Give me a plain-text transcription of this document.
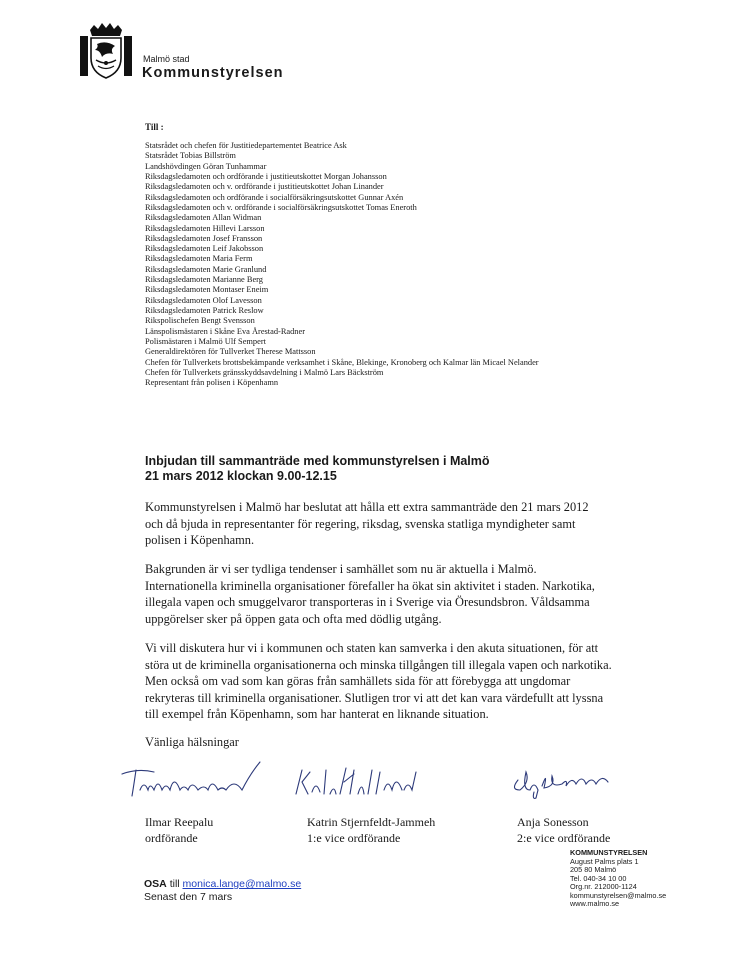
Malmö stad
Kommunstyrelsen
Till :
Statsrådet och chefen för Justitiedepartementet Beatrice Ask
Statsrådet Tobias Billström
Landshövdingen Göran Tunhammar
Riksdagsledamoten och ordförande i justitieutskottet Morgan Johansson
Riksdagsledamoten och v. ordförande i justitieutskottet Johan Linander
Riksdagsledamoten och ordförande i socialförsäkringsutskottet Gunnar Axén
Riksdagsledamoten och v. ordförande i socialförsäkringsutskottet Tomas Eneroth
Riksdagsledamoten Allan Widman
Riksdagsledamoten Hillevi Larsson
Riksdagsledamoten Josef Fransson
Riksdagsledamoten Leif Jakobsson
Riksdagsledamoten Maria Ferm
Riksdagsledamoten Marie Granlund
Riksdagsledamoten Marianne Berg
Riksdagsledamoten Montaser Eneim
Riksdagsledamoten Olof Lavesson
Riksdagsledamoten Patrick Reslow
Rikspolischefen Bengt Svensson
Länspolismästaren i Skåne Eva Årestad-Radner
Polismästaren i Malmö Ulf Sempert
Generaldirektören för Tullverket Therese Mattsson
Chefen för Tullverkets brottsbekämpande verksamhet i Skåne, Blekinge, Kronoberg och Kalmar län Micael Nelander
Chefen för Tullverkets gränsskyddsavdelning i Malmö Lars Bäckström
Representant från polisen i Köpenhamn
Inbjudan till sammanträde med kommunstyrelsen i Malmö
21 mars 2012 klockan 9.00-12.15
Kommunstyrelsen i Malmö har beslutat att hålla ett extra sammanträde den 21 mars 2012
och då bjuda in representanter för regering, riksdag, svenska statliga myndigheter samt
polisen i Köpenhamn.
Bakgrunden är vi ser tydliga tendenser i samhället som nu är aktuella i Malmö.
Internationella kriminella organisationer förefaller ha ökat sin aktivitet i staden. Narkotika,
illegala vapen och smuggelvaror transporteras in i Sverige via Öresundsbron. Våldsamma
uppgörelser sker på öppen gata och ofta med dödlig utgång.
Vi vill diskutera hur vi i kommunen och staten kan samverka i den akuta situationen, för att
störa ut de kriminella organisationerna och minska tillgången till illegala vapen och narkotika.
Men också om vad som kan göras från samhällets sida för att förebygga att ungdomar
rekryteras till kriminella organisationer. Slutligen tror vi att det kan vara värdefullt att lyssna
till exempel från Köpenhamn, som har hanterat en liknande situation.
Vänliga hälsningar
Ilmar Reepalu
ordförande
Katrin Stjernfeldt-Jammeh
1:e vice ordförande
Anja Sonesson
2:e vice ordförande
KOMMUNSTYRELSEN
August Palms plats 1
205 80 Malmö
Tel. 040-34 10 00
Org.nr. 212000-1124
kommunstyrelsen@malmo.se
www.malmo.se
OSA till monica.lange@malmo.se
Senast den 7 mars
